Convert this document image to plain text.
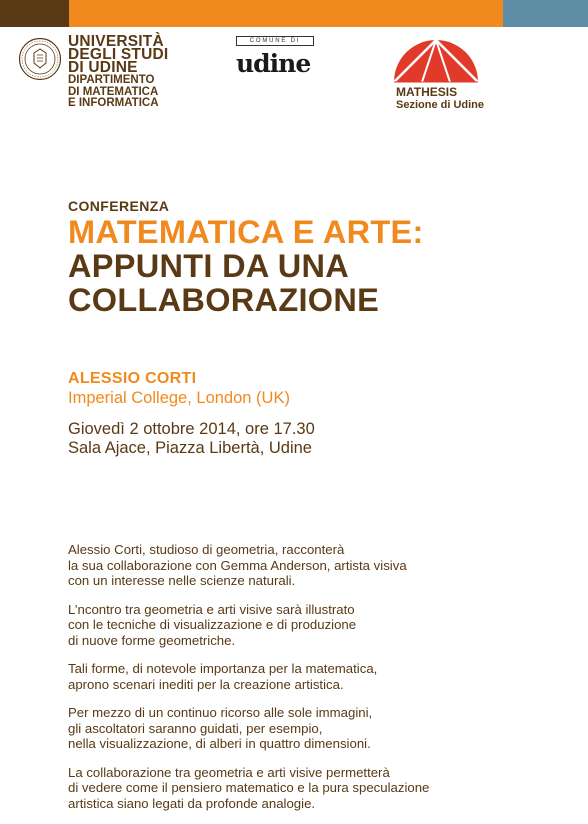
UNIVERSITÀ
DEGLI STUDI
DI UDINE
DIPARTIMENTO
DI MATEMATICA
E INFORMATICA
COMUNE DI
udine
MATHESIS
Sezione di Udine
CONFERENZA
MATEMATICA E ARTE:
APPUNTI DA UNA
COLLABORAZIONE
ALESSIO CORTI
Imperial College, London (UK)
Giovedì 2 ottobre 2014, ore 17.30
Sala Ajace, Piazza Libertà, Udine
Alessio Corti, studioso di geometria, racconterà
la sua collaborazione con Gemma Anderson, artista visiva
con un interesse nelle scienze naturali.
L’ncontro tra geometria e arti visive sarà illustrato
con le tecniche di visualizzazione e di produzione
di nuove forme geometriche.
Tali forme, di notevole importanza per la matematica,
aprono scenari inediti per la creazione artistica.
Per mezzo di un continuo ricorso alle sole immagini,
gli ascoltatori saranno guidati, per esempio,
nella visualizzazione, di alberi in quattro dimensioni.
La collaborazione tra geometria e arti visive permetterà
di vedere come il pensiero matematico e la pura speculazione
artistica siano legati da profonde analogie.
